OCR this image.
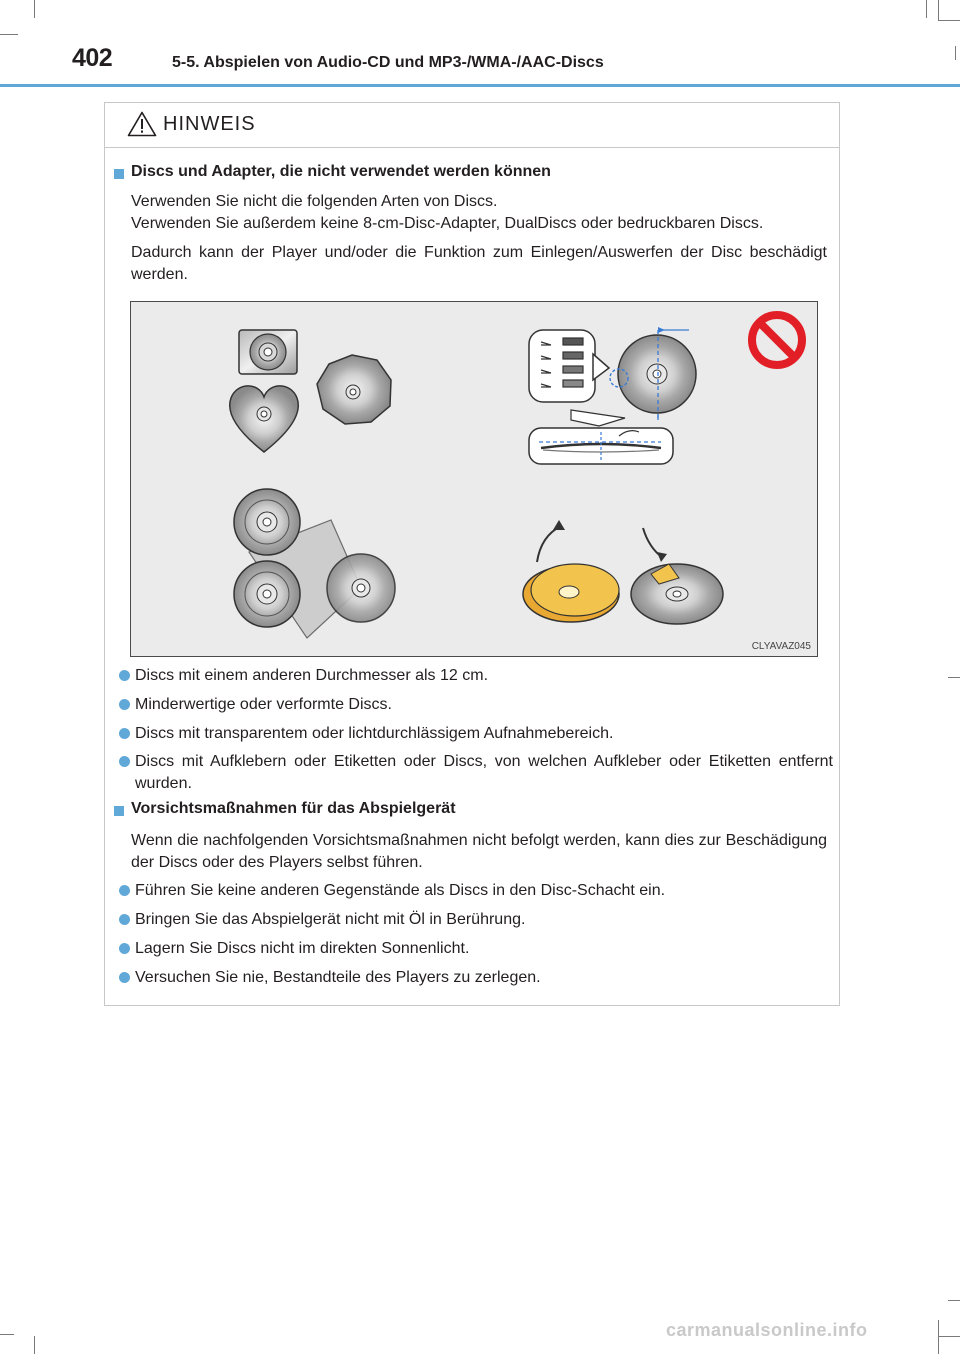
402	5-5. Abspielen von Audio-CD und MP3-/WMA-/AAC-Discs
HINWEIS
Discs und Adapter, die nicht verwendet werden können
Verwenden Sie nicht die folgenden Arten von Discs.
Verwenden Sie außerdem keine 8-cm-Disc-Adapter, DualDiscs oder bedruckbaren Discs.
Dadurch kann der Player und/oder die Funktion zum Einlegen/Auswerfen der Disc beschädigt werden.
CLYAVAZ045
Discs mit einem anderen Durchmesser als 12 cm.
Minderwertige oder verformte Discs.
Discs mit transparentem oder lichtdurchlässigem Aufnahmebereich.
Discs mit Aufklebern oder Etiketten oder Discs, von welchen Aufkleber oder Etiketten entfernt wurden.
Vorsichtsmaßnahmen für das Abspielgerät
Wenn die nachfolgenden Vorsichtsmaßnahmen nicht befolgt werden, kann dies zur Beschädigung der Discs oder des Players selbst führen.
Führen Sie keine anderen Gegenstände als Discs in den Disc-Schacht ein.
Bringen Sie das Abspielgerät nicht mit Öl in Berührung.
Lagern Sie Discs nicht im direkten Sonnenlicht.
Versuchen Sie nie, Bestandteile des Players zu zerlegen.
carmanualsonline.info
